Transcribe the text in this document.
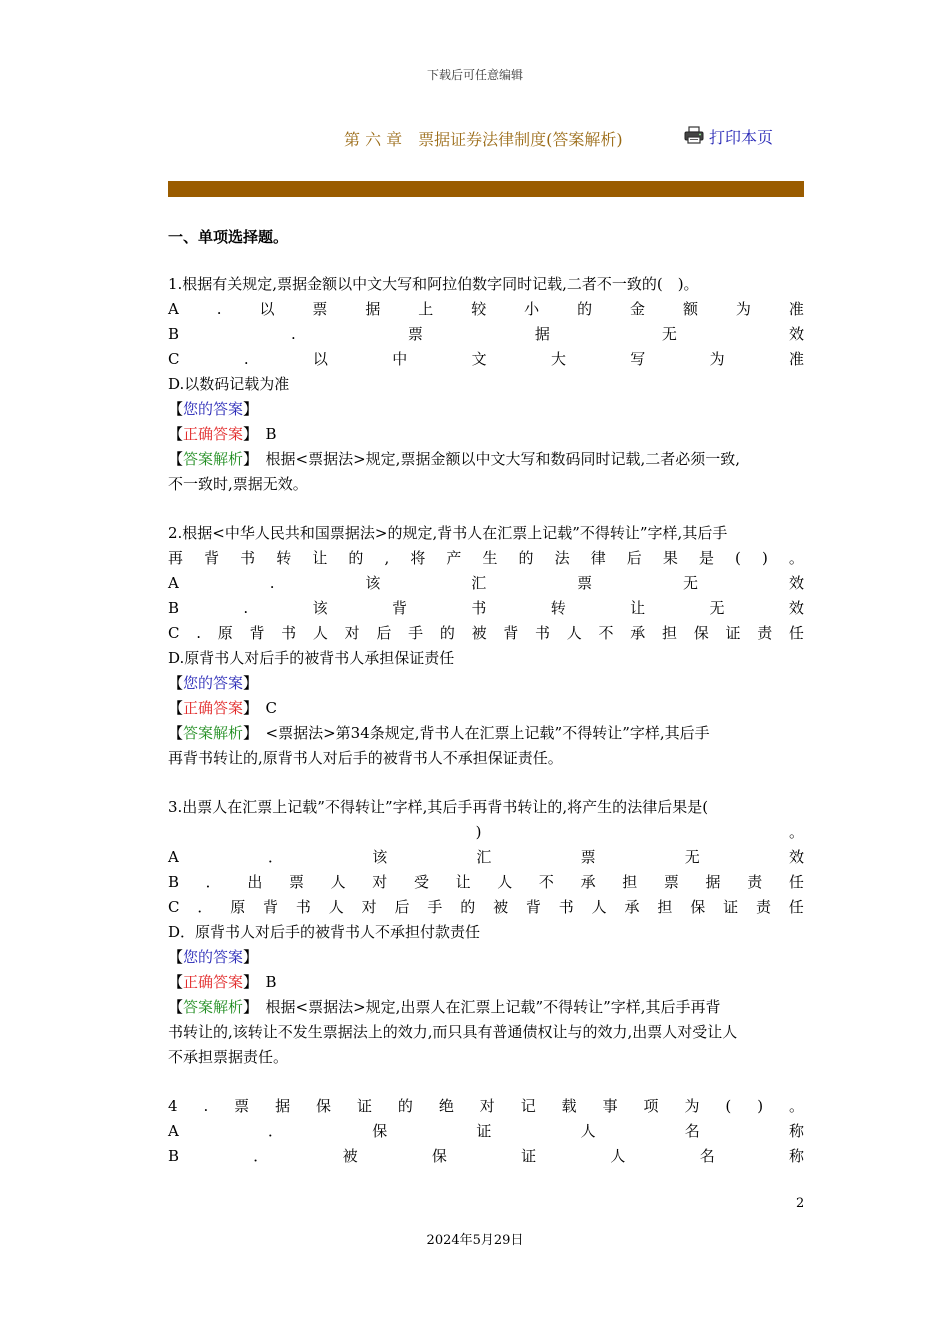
下载后可任意编辑
第 六 章　票据证券法律制度(答案解析)	打印本页
一、单项选择题。
1.根据有关规定,票据金额以中文大写和阿拉伯数字同时记载,二者不一致的(　)。
A	.	以	票	据	上	较	小	的	金	额	为	准
B	.	票	据	无	效
C	.	以	中	文	大	写	为	准
D.以数码记载为准
【您的答案】
【正确答案】　B
【答案解析】　根据<票据法>规定,票据金额以中文大写和数码同时记载,二者必须一致,
不一致时,票据无效。
2.根据<中华人民共和国票据法>的规定,背书人在汇票上记载”不得转让”字样,其后手
再 背 书 转 让 的 , 将 产 生 的 法 律 后 果 是 ( ) 。
A	.	该	汇	票	无	效
B	.	该	背	书	转	让	无	效
C . 原 背 书 人 对 后 手 的 被 背 书 人 不 承 担 保 证 责 任
D.原背书人对后手的被背书人承担保证责任
【您的答案】
【正确答案】　C
【答案解析】　<票据法>第34条规定,背书人在汇票上记载”不得转让”字样,其后手
再背书转让的,原背书人对后手的被背书人不承担保证责任。
3.出票人在汇票上记载”不得转让”字样,其后手再背书转让的,将产生的法律后果是(
)	。
A	．	该	汇	票	无	效
B ． 出 票 人 对 受 让 人 不 承 担 票 据 责 任
C ． 原 背 书 人 对 后 手 的 被 背 书 人 承 担 保 证 责 任
D．原背书人对后手的被背书人不承担付款责任
【您的答案】
【正确答案】　B
【答案解析】　根据<票据法>规定,出票人在汇票上记载”不得转让”字样,其后手再背
书转让的,该转让不发生票据法上的效力,而只具有普通债权让与的效力,出票人对受让人
不承担票据责任。
4 . 票 据 保 证 的 绝 对 记 载 事 项 为 ( ) 。
A	．	保	证	人	名	称
B	．	被	保	证	人	名	称
2
2024年5月29日
